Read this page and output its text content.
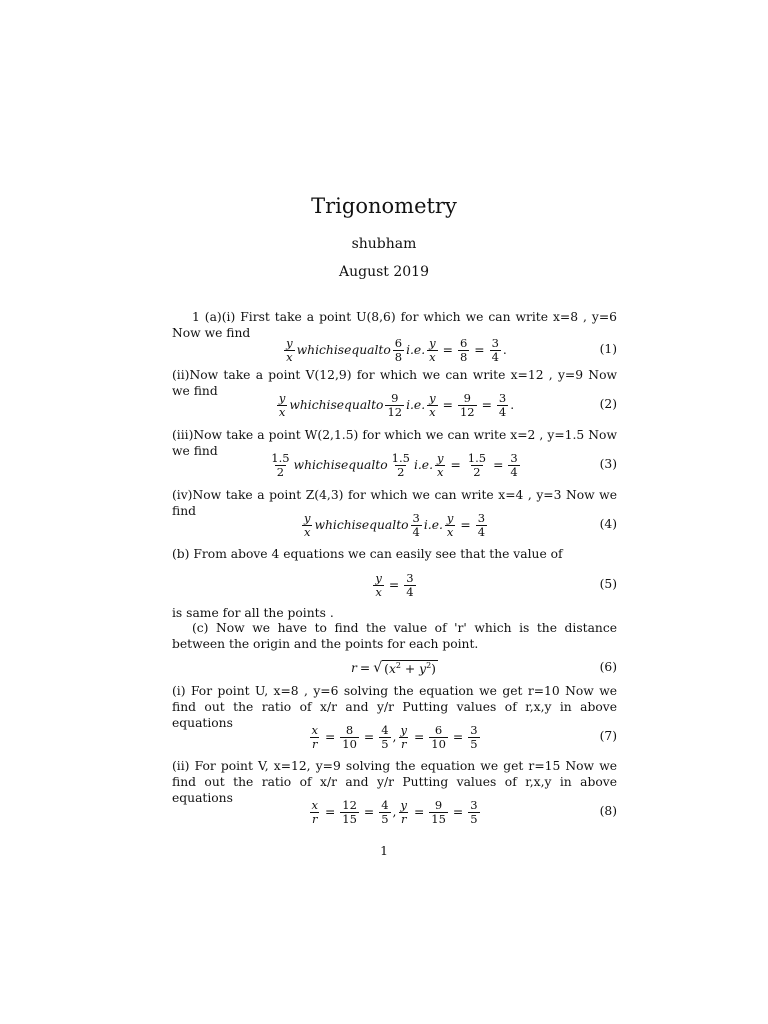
Trigonometry
shubham
August 2019
1 (a)(i) First take a point U(8,6) for which we can write x=8 , y=6 Now we find
$\frac{y}{x}$ whichisequalto $\frac{6}{8} i.e$. $\frac{y}{x} = \frac{6}{8} = \frac{3}{4}$ .	(1)
(ii)Now take a point V(12,9) for which we can write x=12 , y=9 Now we find
$\frac{y}{x}$ whichisequalto $\frac{9}{12} i.e$. $\frac{y}{x} = \frac{9}{12} = \frac{3}{4}$ .	(2)
(iii)Now take a point W(2,1.5) for which we can write x=2 , y=1.5 Now we find
$\frac{1.5}{2}$ whichisequalto $\frac{1.5}{2} i.e$. $\frac{y}{x} = \frac{1.5}{2} = \frac{3}{4}$	(3)
(iv)Now take a point Z(4,3) for which we can write x=4 , y=3 Now we find
$\frac{y}{x}$ whichisequalto $\frac{3}{4} i.e$. $\frac{y}{x} = \frac{3}{4}$	(4)
(b) From above 4 equations we can easily see that the value of
$\frac{y}{x} = \frac{3}{4}$	(5)
is same for all the points .
(c) Now we have to find the value of 'r' which is the distance between the origin and the points for each point.
r = √ $(x^2 + y^2)$	(6)
(i) For point U, x=8 , y=6 solving the equation we get r=10 Now we find out the ratio of x/r and y/r Putting values of r,x,y in above equations
$\frac{x}{r} = \frac{8}{10} = \frac{4}{5}$ , $\frac{y}{r} = \frac{6}{10} = \frac{3}{5}$	(7)
(ii) For point V, x=12, y=9 solving the equation we get r=15 Now we find out the ratio of x/r and y/r Putting values of r,x,y in above equations
$\frac{x}{r} = \frac{12}{15} = \frac{4}{5}$ , $\frac{y}{r} = \frac{9}{15} = \frac{3}{5}$	(8)
1
